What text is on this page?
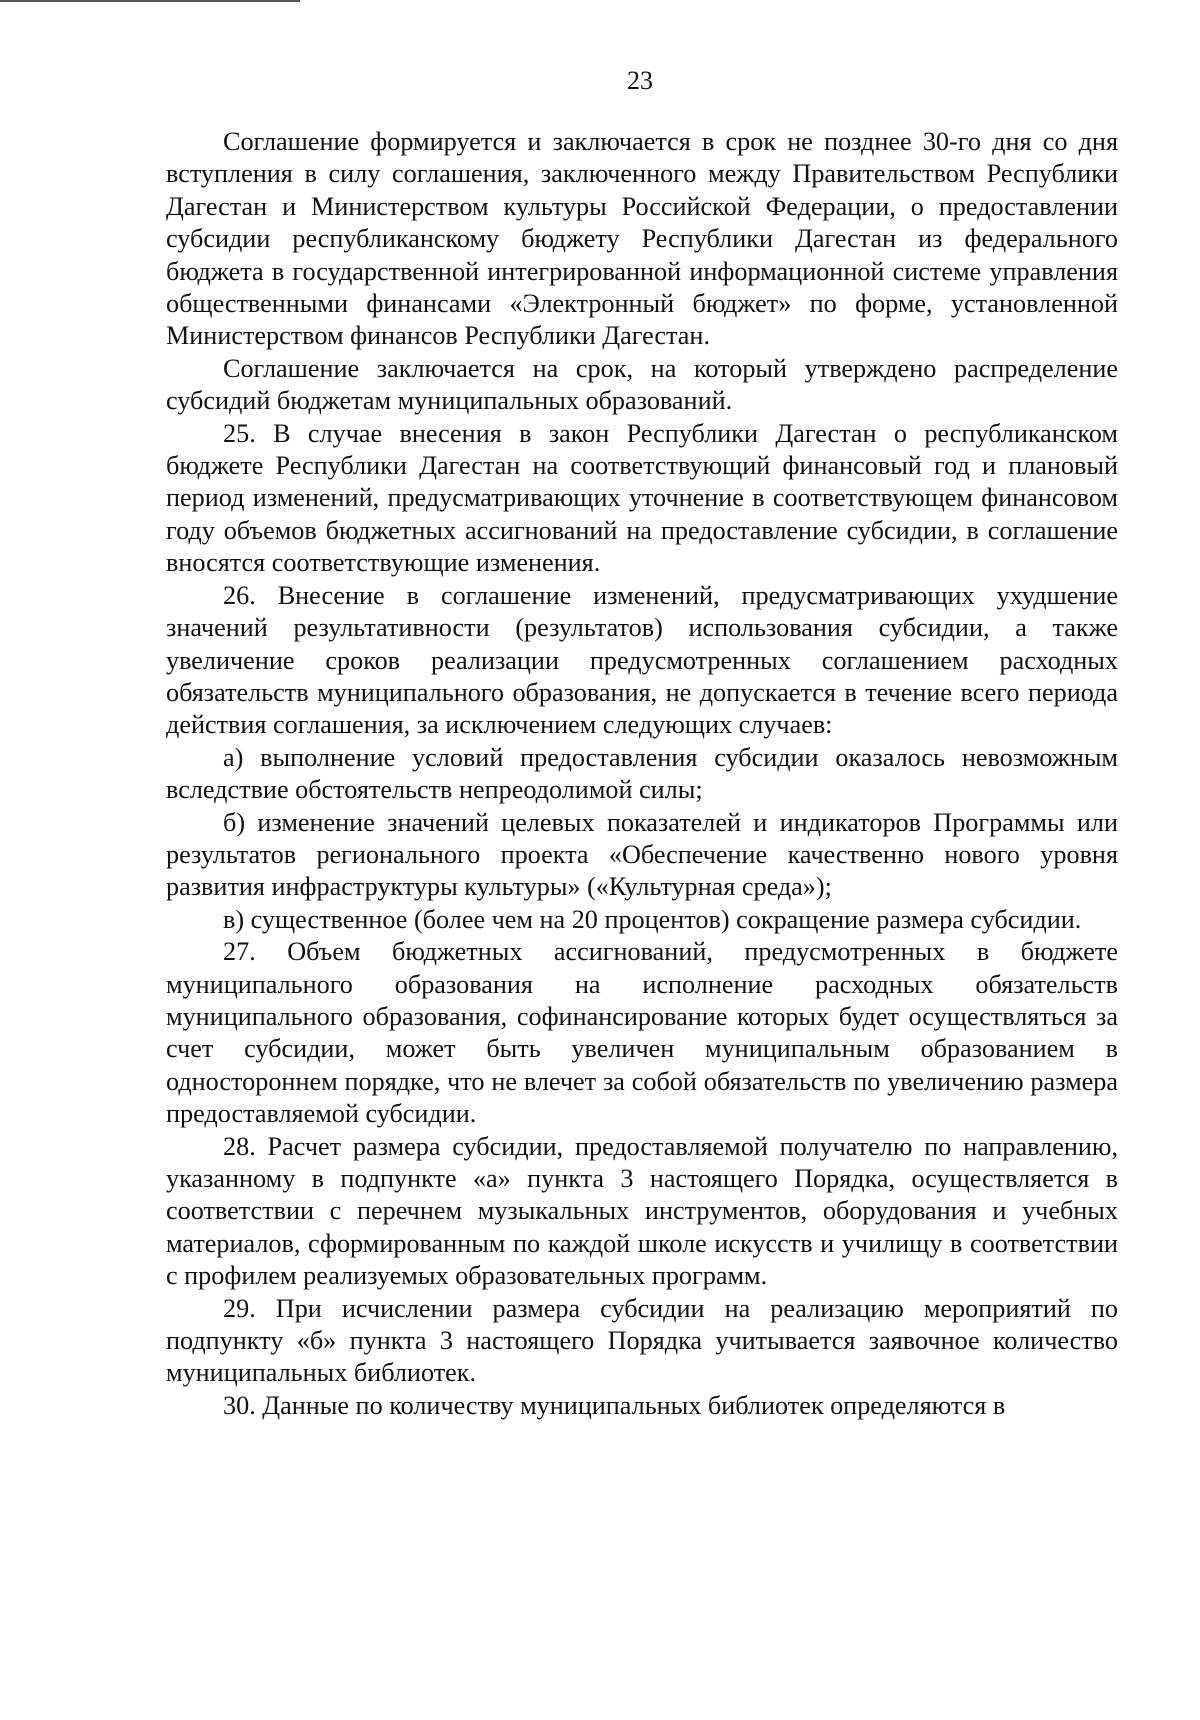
23

Соглашение формируется и заключается в срок не позднее 30-го дня со дня вступления в силу соглашения, заключенного между Правительством Республики Дагестан и Министерством культуры Российской Федерации, о предоставлении субсидии республиканскому бюджету Республики Дагестан из федерального бюджета в государственной интегрированной информационной системе управления общественными финансами «Электронный бюджет» по форме, установленной Министерством финансов Республики Дагестан.

Соглашение заключается на срок, на который утверждено распределение субсидий бюджетам муниципальных образований.

25. В случае внесения в закон Республики Дагестан о республиканском бюджете Республики Дагестан на соответствующий финансовый год и плановый период изменений, предусматривающих уточнение в соответствующем финансовом году объемов бюджетных ассигнований на предоставление субсидии, в соглашение вносятся соответствующие изменения.

26. Внесение в соглашение изменений, предусматривающих ухудшение значений результативности (результатов) использования субсидии, а также увеличение сроков реализации предусмотренных соглашением расходных обязательств муниципального образования, не допускается в течение всего периода действия соглашения, за исключением следующих случаев:

а) выполнение условий предоставления субсидии оказалось невозможным вследствие обстоятельств непреодолимой силы;

б) изменение значений целевых показателей и индикаторов Программы или результатов регионального проекта «Обеспечение качественно нового уровня развития инфраструктуры культуры» («Культурная среда»);

в) существенное (более чем на 20 процентов) сокращение размера субсидии.

27. Объем бюджетных ассигнований, предусмотренных в бюджете муниципального образования на исполнение расходных обязательств муниципального образования, софинансирование которых будет осуществляться за счет субсидии, может быть увеличен муниципальным образованием в одностороннем порядке, что не влечет за собой обязательств по увеличению размера предоставляемой субсидии.

28. Расчет размера субсидии, предоставляемой получателю по направлению, указанному в подпункте «а» пункта 3 настоящего Порядка, осуществляется в соответствии с перечнем музыкальных инструментов, оборудования и учебных материалов, сформированным по каждой школе искусств и училищу в соответствии с профилем реализуемых образовательных программ.

29. При исчислении размера субсидии на реализацию мероприятий по подпункту «б» пункта 3 настоящего Порядка учитывается заявочное количество муниципальных библиотек.

30. Данные по количеству муниципальных библиотек определяются в
